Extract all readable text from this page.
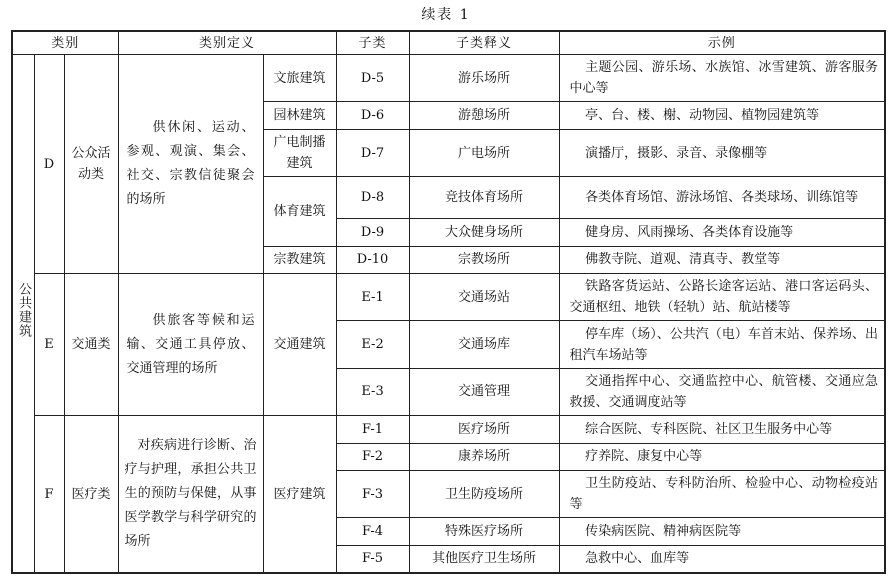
续表 1
类别			类别定义		子类	子类释义	示例
公共建筑	D	公众活动类	供休闲、运动、参观、观演、集会、社交、宗教信徒聚会的场所	文旅建筑	D-5	游乐场所	主题公园、游乐场、水族馆、冰雪建筑、游客服务中心等
				园林建筑	D-6	游憩场所	亭、台、楼、榭、动物园、植物园建筑等
				广电制播建筑	D-7	广电场所	演播厅，摄影、录音、录像棚等
				体育建筑	D-8	竞技体育场所	各类体育场馆、游泳场馆、各类球场、训练馆等
					D-9	大众健身场所	健身房、风雨操场、各类体育设施等
				宗教建筑	D-10	宗教场所	佛教寺院、道观、清真寺、教堂等
	E	交通类	供旅客等候和运输、交通工具停放、交通管理的场所	交通建筑	E-1	交通场站	铁路客货运站、公路长途客运站、港口客运码头、交通枢纽、地铁（轻轨）站、航站楼等
					E-2	交通场库	停车库（场）、公共汽（电）车首末站、保养场、出租汽车场站等
					E-3	交通管理	交通指挥中心、交通监控中心、航管楼、交通应急救援、交通调度站等
	F	医疗类	对疾病进行诊断、治疗与护理，承担公共卫生的预防与保健，从事医学教学与科学研究的场所	医疗建筑	F-1	医疗场所	综合医院、专科医院、社区卫生服务中心等
					F-2	康养场所	疗养院、康复中心等
					F-3	卫生防疫场所	卫生防疫站、专科防治所、检验中心、动物检疫站等
					F-4	特殊医疗场所	传染病医院、精神病医院等
					F-5	其他医疗卫生场所	急救中心、血库等
